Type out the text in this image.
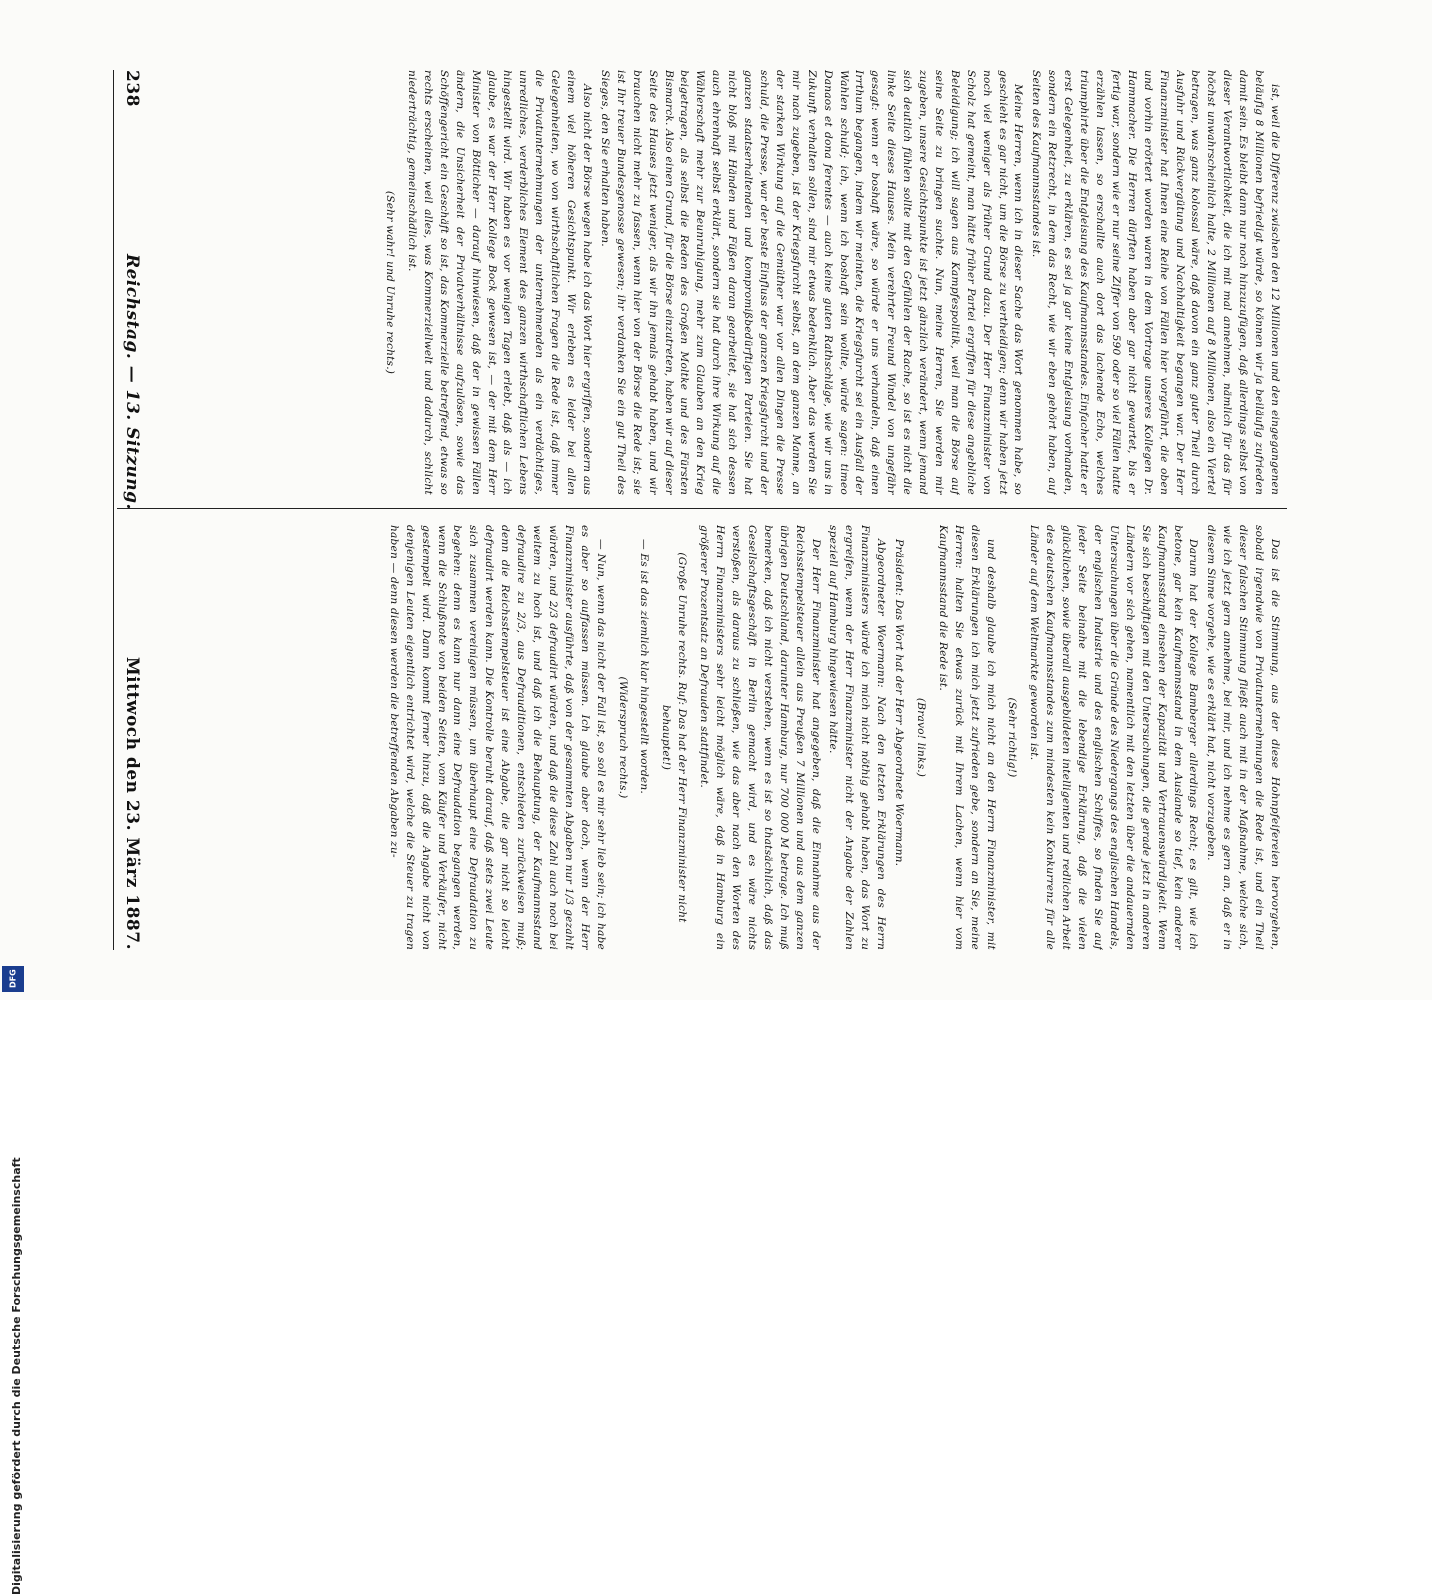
238
Reichstag. — 13. Sitzung.
Mittwoch den 23. März 1887.

ist, weil die Differenz zwischen den 12 Millionen und den eingegangenen beläufig 8 Millionen befriedigt würde, so können wir ja beiläufig zufrieden damit sein. Es bleibt dann nur noch hinzuzufügen, daß allerdings selbst von dieser Verantwortlichkeit, die ich mit mal annehmen, nämlich für das für höchst unwahrscheinlich halte, 2 Millionen auf 8 Millionen, also ein Viertel betragen, was ganz kolossal wäre, daß davon ein ganz guter Theil durch Ausfuhr und Rückvergütung und Nachhaltigkeit begangen war. Der Herr Finanzminister hat Ihnen eine Reihe von Fällen hier vorgeführt, die oben und vorhin erörtert worden waren in dem Vortrage unseres Kollegen Dr. Hammacher. Die Herren dürften haben aber gar nicht gewartet, bis er fertig war, sondern wie er nur seine Ziffer von 590 oder so viel Fällen hatte erzählen lassen, so erschallte auch dort das lachende Echo, welches triumphirte über die Entgleisung des Kaufmannsstandes. Einfacher hatte er erst Gelegenheit, zu erklären, es sei ja gar keine Entgleisung vorhanden, sondern ein Retzrecht, in dem das Recht, wie wir eben gehört haben, auf Seiten des Kaufmannsstandes ist.

Meine Herren, wenn ich in dieser Sache das Wort genommen habe, so geschieht es gar nicht, um die Börse zu vertheidigen; denn wir haben jetzt noch viel weniger als früher Grund dazu. Der Herr Finanzminister von Scholz hat gemeint, man hätte früher Partei ergriffen für diese angebliche Beleidigung; ich will sagen aus Kampfespolitik, weil man die Börse auf seine Seite zu bringen suchte. Nun, meine Herren, Sie werden mir zugeben, unsere Gesichtspunkte ist jetzt gänzlich verändert, wenn jemand sich deutlich fühlen sollte mit den Gefühlen der Rache, so ist es nicht die linke Seite dieses Hauses. Mein verehrter Freund Windel von ungefähr gesagt: wenn er boshaft wäre, so würde er uns verhandeln, daß einen Irrthum begangen, indem wir meinten, die Kriegsfurcht sei ein Ausfall der Wahlen schuld; ich, wenn ich boshaft sein wollte, würde sagen: timeo Danaos et dona ferentes — auch keine guten Rathschläge, wie wir uns in Zukunft verhalten sollen, sind mir etwas bedenklich. Aber das werden Sie mir nach zugeben, ist der Kriegsfurcht selbst, an dem ganzen Manne, an der starken Wirkung auf die Gemüther war vor allen Dingen die Presse schuld, die Presse, war der beste Einfluss der ganzen Kriegsfurcht und der ganzen staatserhaltenden und kompromißbedürftigen Parteien. Sie hat nicht bloß mit Händen und Füßen daran gearbeitet, sie hat sich dessen auch ehrenhaft selbst erklärt, sondern sie hat durch ihre Wirkung auf die Wählerschaft mehr zur Beunruhigung, mehr zum Glauben an den Krieg beigetragen, als selbst die Reden des Großen Moltke und des Fürsten Bismarck. Also einen Grund, für die Börse einzutreten, haben wir auf dieser Seite des Hauses jetzt weniger, als wir ihn jemals gehabt haben, und wir brauchen nicht mehr zu fassen, wenn hier von der Börse die Rede ist; sie ist Ihr treuer Bundesgenosse gewesen; ihr verdanken Sie ein gut Theil des Sieges, den Sie erhalten haben.

Also nicht der Börse wegen habe ich das Wort hier ergriffen, sondern aus einem viel höheren Gesichtspunkt. Wir erleben es leider bei allen Gelegenheiten, wo von wirthschaftlichen Fragen die Rede ist, daß immer die Privatunternehmungen der unternehmenden als ein verdächtiges, unredliches, verderbliches Element des ganzen wirthschaftlichen Lebens hingestellt wird. Wir haben es vor wenigen Tagen erlebt, daß als — ich glaube, es war der Herr Kollege Bock gewesen ist, — der mit dem Herr Minister von Bötticher — darauf hinwiesen, daß der in gewissen Fällen ändern, die Unsicherheit der Privatverhältnisse aufzulösen, sowie das Schöffengericht ein Geschäft so ist, das Kommerzielle betreffend, etwas so rechts erscheinen, weil alles, was Kommerziellwelt und dadurch, schlicht niederträchtig, gemeinschädlich ist.

(Sehr wahr! und Unruhe rechts.)

Das ist die Stimmung, aus der diese Hohnpfeifereien hervorgehen, sobald irgendwie von Privatunternehmungen die Rede ist, und ein Theil dieser falschen Stimmung fließt auch mit in der Maßnahme, welche sich, wie ich jetzt gern annehme, bei mir, und ich nehme es gern an, daß er in diesem Sinne vorgehe, wie es erklärt hat, nicht vorzugeben.

Darum hat der Kollege Bamberger allerdings Recht; es gilt, wie ich betone, gar kein Kaufmannsstand in dem Auslande so tief, kein anderer Kaufmannsstand einsehen der Kapazität und Vertrauenswürdigkeit. Wenn Sie sich beschäftigen mit den Untersuchungen, die gerade jetzt in anderen Ländern vor sich gehen, namentlich mit den letzten über die andauernden Untersuchungen über die Gründe des Niedergangs des englischen Handels, der englischen Industrie und des englischen Schiffes, so finden Sie auf jeder Seite beinahe mit die lebendige Erklärung, daß die vielen glücklichen, sowie überall ausgebildeten intelligenten und redlichen Arbeit des deutschen Kaufmannsstandes zum mindesten kein Konkurrenz für alle Länder auf dem Weltmarkte geworden ist.

(Sehr richtig!)

und deshalb glaube ich mich nicht an den Herrn Finanzminister, mit diesen Erklärungen ich mich jetzt zufrieden gebe, sondern an Sie, meine Herren: halten Sie etwas zurück mit Ihrem Lachen, wenn hier vom Kaufmannsstand die Rede ist.

(Bravo! links.)

Präsident: Das Wort hat der Herr Abgeordnete Woermann.

Abgeordneter Woermann: Nach den letzten Erklärungen des Herrn Finanzministers würde ich mich nicht nöthig gehabt haben, das Wort zu ergreifen, wenn der Herr Finanzminister nicht der Angabe der Zahlen speziell auf Hamburg hingewiesen hätte.

Der Herr Finanzminister hat angegeben, daß die Einnahme aus der Reichsstempelsteuer allein aus Preußen 7 Millionen und aus dem ganzen übrigen Deutschland, darunter Hamburg, nur 700 000 M betrage. Ich muß bemerken, daß ich nicht verstehen, wenn es ist so thatsächlich, daß das Gesellschaftsgeschäft in Berlin gemacht wird, und es wäre nichts verstoßen, als daraus zu schließen, wie das aber nach den Worten des Herrn Finanzministers sehr leicht möglich wäre, daß in Hamburg ein größerer Prozentsatz an Defrauden stattfindet.

(Große Unruhe rechts. Ruf: Das hat der Herr Finanzminister nicht behauptet!)

— Es ist das ziemlich klar hingestellt worden.

(Widerspruch rechts.)

— Nun, wenn das nicht der Fall ist, so soll es mir sehr lieb sein; ich habe es aber so auffassen müssen. Ich glaube aber doch, wenn der Herr Finanzminister ausführte, daß von der gesammten Abgaben nur 1/3 gezahlt würden, und 2/3 defraudirt würden, und daß die diese Zahl auch noch bei weitem zu hoch ist, und daß ich die Behauptung, der Kaufmannsstand defraudire zu 2/3, aus Defrauditionen, entschieden zurückweisen muß; denn die Reichsstempelsteuer ist eine Abgabe, die gar nicht so leicht defraudirt werden kann. Die Kontrolle beruht darauf, daß stets zwei Leute sich zusammen vereinigen müssen, um überhaupt eine Defraudation zu begehen: denn es kann nur dann eine Defraudation begangen werden, wenn die Schlußnote von beiden Seiten, vom Käufer und Verkäufer, nicht gestempelt wird. Dann kommt ferner hinzu, daß die Angabe nicht von denjenigen Leuten eigentlich entrichtet wird, welche die Steuer zu tragen haben — denn diesen werden die betreffenden Abgaben zu-

Digitalisierung gefördert durch die Deutsche Forschungsgemeinschaft
DFG
